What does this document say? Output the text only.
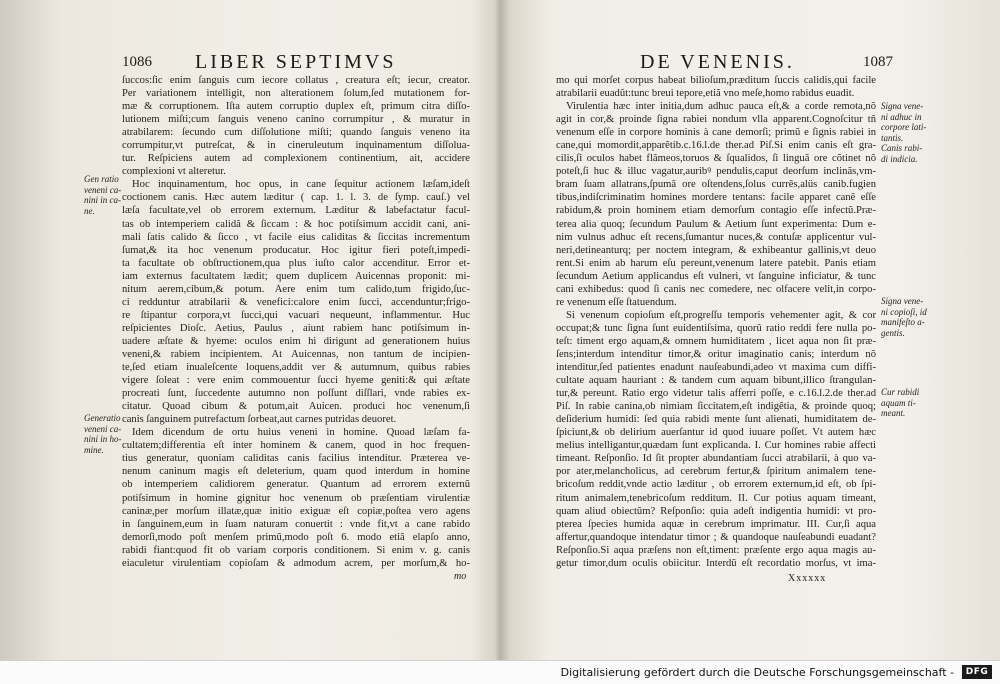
1086 LIBER SEPTIMVS
ſuccos:ſic enim ſanguis cum iecore collatus , creatura eſt; iecur, creator.
Per variationem intelligit, non alterationem ſolum,ſed mutationem for-
mæ & corruptionem. Iſta autem corruptio duplex eſt, primum citra diſſo-
lutionem miſti;cum ſanguis veneno canino corrumpitur , & muratur in
atrabilarem: ſecundo cum diſſolutione miſti; quando ſanguis veneno ita
corrumpitur,vt putreſcat, & in cineruleutum inquinamentum diſſolua-
tur. Reſpiciens autem ad complexionem continentium, ait, accidere
complexioni vt alteretur.
Hoc inquinamentum, hoc opus, in cane ſequitur actionem læſam,ideſt
coctionem canis. Hæc autem læditur ( cap. 1. l. 3. de ſymp. cauſ.) vel
læſa facultate,vel ob errorem externum. Læditur & labefactatur facul-
tas ob intemperiem calidã & ſiccam : & hoc potiſsimum accidit cani, ani-
mali ſatis calido & ſicco , vt facile eius caliditas & ſiccitas incrementum
ſumat,& ita hoc venenum producatur. Hoc igitur fieri poteſt,impedi-
ta facultate ob obſtructionem,qua plus iuſto calor accenditur. Error et-
iam externus facultatem lædit; quem duplicem Auicennas proponit: mi-
nitum aerem,cibum,& potum. Aere enim tum calido,tum frigido,ſuc-
ci redduntur atrabilarii & venefici:calore enim ſucci, accenduntur;frigo-
re ſtipantur corpora,vt ſucci,qui vacuari nequeunt, inflammentur. Huc
reſpicientes Dioſc. Aetius, Paulus , aiunt rabiem hanc potiſsimum in-
uadere æſtate & hyeme: oculos enim hi dirigunt ad generationem huius
veneni,& rabiem incipientem. At Auicennas, non tantum de incipien-
te,ſed etiam inualeſcente loquens,addit ver & autumnum, quibus rabies
vigere ſoleat : vere enim commouentur ſucci hyeme geniti:& qui æſtate
procreati ſunt, ſuccedente autumno non poſſunt diſſlari, vnde rabies ex-
citatur. Quoad cibum & potum,ait Auicen. produci hoc venenum,ſi
canis ſanguinem putrefactum ſorbeat,aut carnes putridas deuoret.
Idem dicendum de ortu huius veneni in homine. Quoad læſam fa-
cultatem;differentia eſt inter hominem & canem, quod in hoc frequen-
tius generatur, quoniam caliditas canis facilius intenditur. Præterea ve-
nenum caninum magis eſt deleterium, quam quod interdum in homine
ob intemperiem calidiorem generatur. Quantum ad errorem externũ
potiſsimum in homine gignitur hoc venenum ob præſentiam virulentiæ
caninæ,per morſum illatæ,quæ initio exiguæ eſt copiæ,poſtea vero agens
in ſanguinem,eum in ſuam naturam conuertit : vnde fit,vt a cane rabido
demorſi,modo poſt menſem primũ,modo poſt 6. modo etiã elapſo anno,
rabidi fiant:quod fit ob variam corporis conditionem. Si enim v. g. canis
eiaculetur virulentiam copioſam & admodum acrem, per morſum,& ho-
Gen ratio
veneni ca-
nini in ca-
ne.
Generatio
veneni ca-
nini in ho-
mine.
mo
DE VENENIS.	1087
mo qui morſet corpus habeat bilioſum,præditum ſuccis calidis,qui facile
atrabilarii euadũt:tunc breui tepore,etiã vno meſe,homo rabidus euadit.
Virulentia hæc inter initia,dum adhuc pauca eſt,& a corde remota,nõ
agit in cor,& proinde ſigna rabiei nondum vlla apparent.Cognoſcitur tñ
venenum eſſe in corpore hominis à cane demorſi; primũ e ſignis rabiei in
cane,qui momordit,apparẽtib.c.16.l.de ther.ad Piſ.Si enim canis eſt gra-
cilis,ſi oculos habet flãmeos,toruos & ſqualidos, ſi linguã ore cõtinet nõ
poteſt,ſi huc & illuc vagatur,auribꝰ pendulis,caput deorſum inclinãs,vm-
bram ſuam allatrans,ſpumã ore oſtendens,ſolus currẽs,alüs canib.fugien
tibus,indiſcriminatim homines mordere tentans: facile apparet canẽ eſſe
rabidum,& proin hominem etiam demorſum contagio eſſe infectũ.Præ-
terea alia quoq; ſecundum Paulum & Aetium ſunt experimenta: Dum e-
nim vulnus adhuc eſt recens,ſumantur nuces,& contuſæ applicentur vul-
neri,detineanturq; per noctem integram, & exhibeantur gallinis,vt deuo
rent.Si enim ab harum eſu pereunt,venenum latere patebit. Panis etiam
ſecundum Aetium applicandus eſt vulneri, vt ſanguine inficiatur, & tunc
cani exhibedus: quod ſi canis nec comedere, nec olfacere velit,in corpo-
re venenum eſſe ſtatuendum.
Si venenum copioſum eſt,progreſſu temporis vehementer agit, & cor
occupat;& tunc ſigna ſunt euidentiſsima, quorũ ratio reddi fere nulla po-
teſt: timent ergo aquam,& omnem humiditatem , licet aqua non ſit præ-
ſens;interdum intenditur timor,& oritur imaginatio canis; interdum nõ
intenditur,ſed patientes enadunt nauſeabundi,adeo vt maxima cum diffi-
cultate aquam hauriant : & tandem cum aquam bibunt,illico ſtrangulan-
tur,& pereunt. Ratio ergo videtur talis afferri poſſe, e c.16.l.2.de ther.ad
Piſ. In rabie canina,ob nimiam ſiccitatem,eſt indigẽtia, & proinde quoq;
deſiderium humidi: ſed quia rabidi mente ſunt alienati, humiditatem de-
ſpiciunt,& ob delirium auerſantur id quod iuuare poſſet. Vt autem hæc
melius intelligantur,quædam ſunt explicanda. I. Cur homines rabie affecti
timeant. Reſponſio. Id ſit propter abundantiam ſucci atrabilarii, à quo va-
por ater,melancholicus, ad cerebrum fertur,& ſpiritum animalem tene-
bricoſum reddit,vnde actio læditur , ob errorem externum,id eſt, ob ſpi-
ritum animalem,tenebricoſum redditum. II. Cur potius aquam timeant,
quam aliud obiectũm? Reſponſio: quia adeſt indigentia humidi: vt pro-
pterea ſpecies humida aquæ in cerebrum imprimatur. III. Cur,ſi aqua
affertur,quandoque intendatur timor ; & quandoque nauſeabundi euadant?
Reſponſio.Si aqua præſens non eſt,timent: præſente ergo aqua magis au-
getur timor,dum oculis obiicitur. Interdũ eſt recordatio morſus, vt ima-
Signa vene-
ni adhuc in
corpore lati-
tantis.
Canis rabi-
di indicia.
Signa vene-
ni copioſi, id
manifeſto a-
gentis.
Cur rabidi
aquam ti-
meant.
Xxxxxx
Digitalisierung gefördert durch die Deutsche Forschungsgemeinschaft -	DFG
